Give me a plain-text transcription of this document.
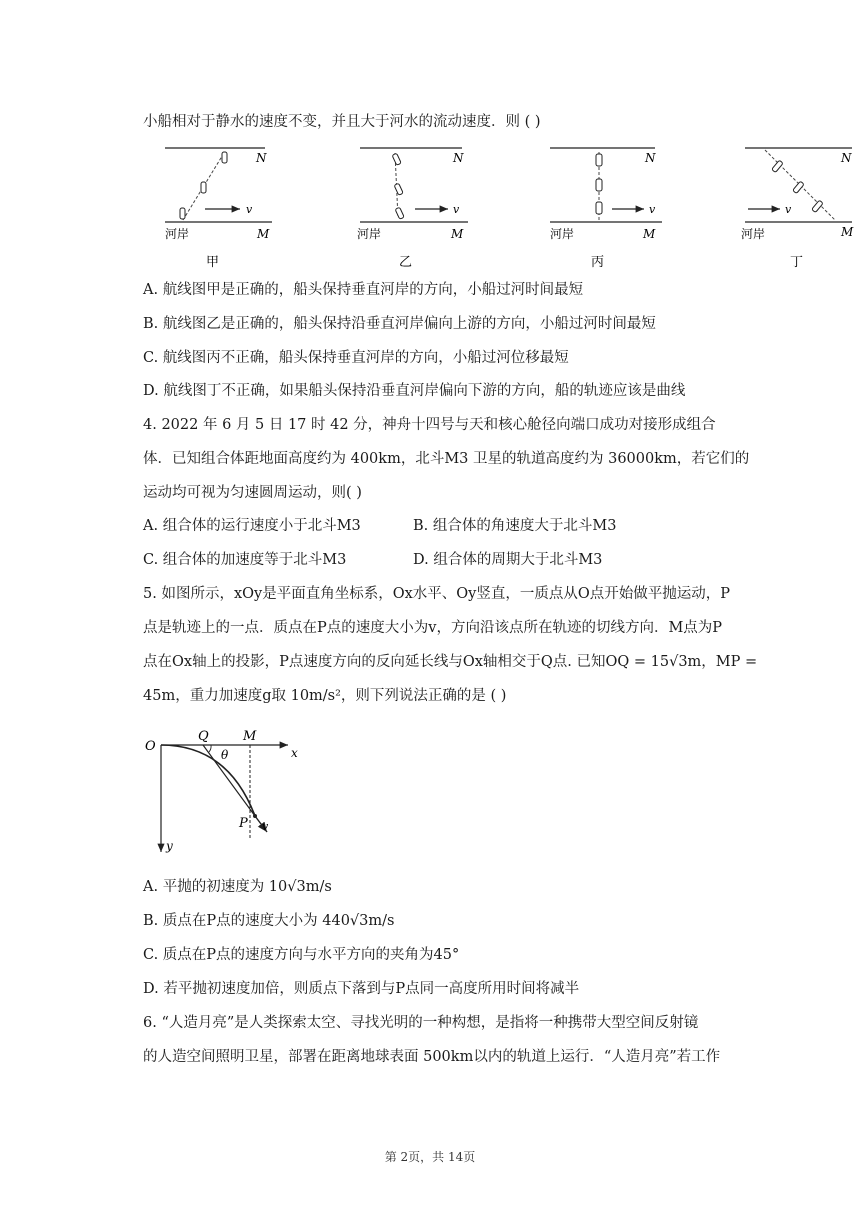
小船相对于静水的速度不变，并且大于河水的流动速度．则 ( )
v
N
M
河岸
甲
v
N
M
河岸
乙
v
N
M
河岸
丙
v
N
M
河岸
丁
A. 航线图甲是正确的，船头保持垂直河岸的方向，小船过河时间最短
B. 航线图乙是正确的，船头保持沿垂直河岸偏向上游的方向，小船过河时间最短
C. 航线图丙不正确，船头保持垂直河岸的方向，小船过河位移最短
D. 航线图丁不正确，如果船头保持沿垂直河岸偏向下游的方向，船的轨迹应该是曲线
4. 2022 年 6 月 5 日 17 时 42 分，神舟十四号与天和核心舱径向端口成功对接形成组合
体．已知组合体距地面高度约为 400km，北斗M3 卫星的轨道高度约为 36000km，若它们的
运动均可视为匀速圆周运动，则( )
A. 组合体的运行速度小于北斗M3	B. 组合体的角速度大于北斗M3
C. 组合体的加速度等于北斗M3	D. 组合体的周期大于北斗M3
5. 如图所示，xOy是平面直角坐标系，Ox水平、Oy竖直，一质点从O点开始做平抛运动，P
点是轨迹上的一点．质点在P点的速度大小为v，方向沿该点所在轨迹的切线方向．M点为P
点在Ox轴上的投影，P点速度方向的反向延长线与Ox轴相交于Q点. 已知OQ = 15√3m，MP =
45m，重力加速度g取 10m/s²，则下列说法正确的是 ( )
O
Q	M
x
θ
P v
y
A. 平抛的初速度为 10√3m/s
B. 质点在P点的速度大小为 440√3m/s
C. 质点在P点的速度方向与水平方向的夹角为45°
D. 若平抛初速度加倍，则质点下落到与P点同一高度所用时间将减半
6. “人造月亮”是人类探索太空、寻找光明的一种构想，是指将一种携带大型空间反射镜
的人造空间照明卫星，部署在距离地球表面 500km以内的轨道上运行．“人造月亮”若工作
第 2页，共 14页
